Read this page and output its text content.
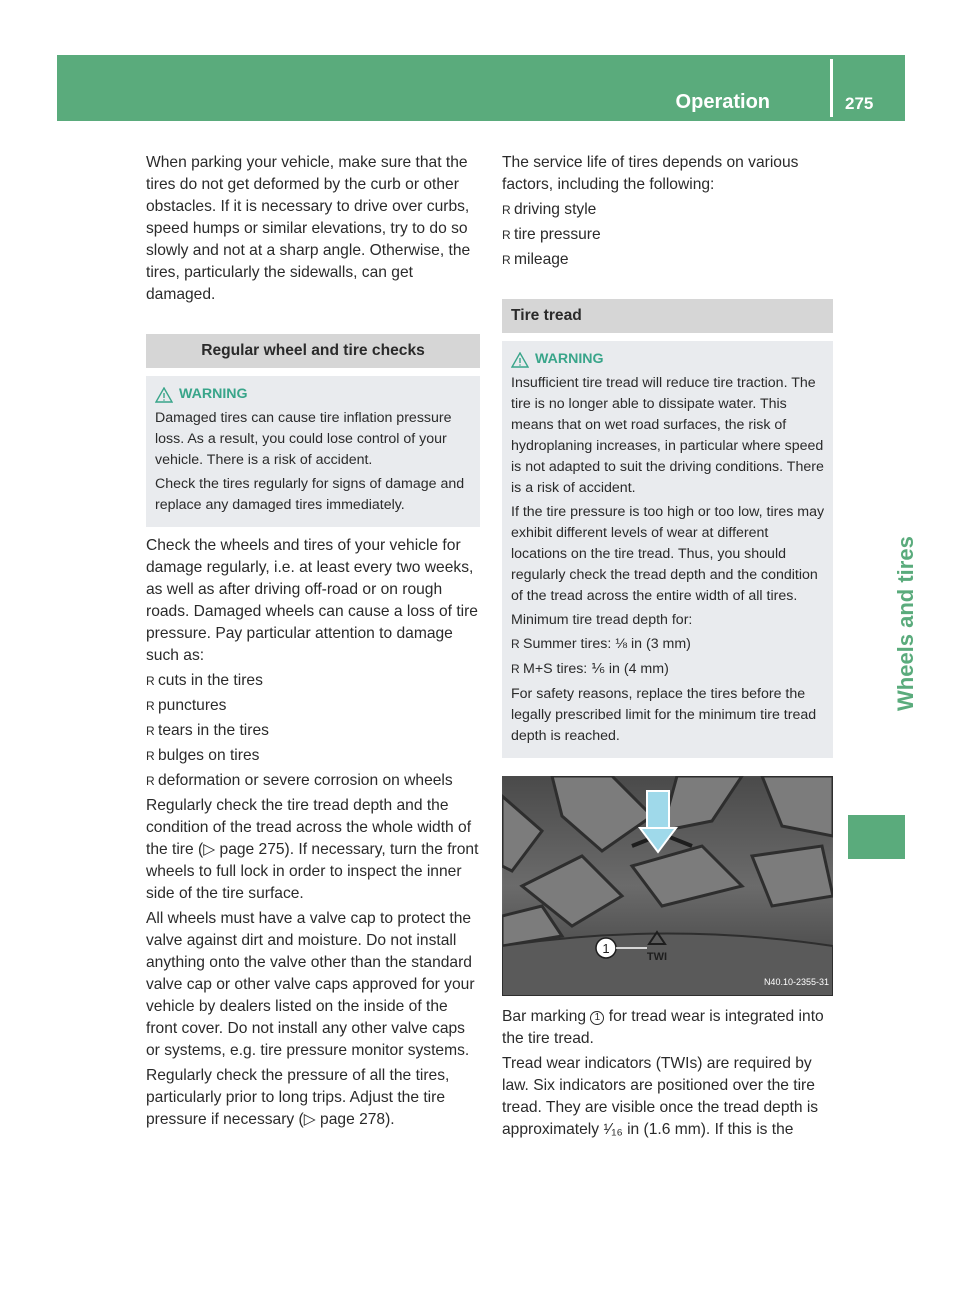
Operation	275
Wheels and tires

When parking your vehicle, make sure that the tires do not get deformed by the curb or other obstacles. If it is necessary to drive over curbs, speed humps or similar elevations, try to do so slowly and not at a sharp angle. Otherwise, the tires, particularly the sidewalls, can get damaged.

Regular wheel and tire checks
WARNING

Damaged tires can cause tire inflation pressure loss. As a result, you could lose control of your vehicle. There is a risk of accident.

Check the tires regularly for signs of damage and replace any damaged tires immediately.

Check the wheels and tires of your vehicle for damage regularly, i.e. at least every two weeks, as well as after driving off-road or on rough roads. Damaged wheels can cause a loss of tire pressure. Pay particular attention to damage such as:

R cuts in the tires
R punctures
R tears in the tires
R bulges on tires
R deformation or severe corrosion on wheels

Regularly check the tire tread depth and the condition of the tread across the whole width of the tire (▷ page 275). If necessary, turn the front wheels to full lock in order to inspect the inner side of the tire surface.

All wheels must have a valve cap to protect the valve against dirt and moisture. Do not install anything onto the valve other than the standard valve cap or other valve caps approved for your vehicle by dealers listed on the inside of the front cover. Do not install any other valve caps or systems, e.g. tire pressure monitor systems.

Regularly check the pressure of all the tires, particularly prior to long trips. Adjust the tire pressure if necessary (▷ page 278).

The service life of tires depends on various factors, including the following:

R driving style
R tire pressure
R mileage
Tire tread
WARNING

Insufficient tire tread will reduce tire traction. The tire is no longer able to dissipate water. This means that on wet road surfaces, the risk of hydroplaning increases, in particular where speed is not adapted to suit the driving conditions. There is a risk of accident.

If the tire pressure is too high or too low, tires may exhibit different levels of wear at different locations on the tire tread. Thus, you should regularly check the tread depth and the condition of the tread across the entire width of all tires.

Minimum tire tread depth for:

R Summer tires: ⅛ in (3 mm)
R M+S tires: ⅙ in (4 mm)

For safety reasons, replace the tires before the legally prescribed limit for the minimum tire tread depth is reached.

1
TWI
N40.10-2355-31

Bar marking 1 for tread wear is integrated into the tire tread.

Tread wear indicators (TWIs) are required by law. Six indicators are positioned over the tire tread. They are visible once the tread depth is approximately ¹⁄₁₆ in (1.6 mm). If this is the
